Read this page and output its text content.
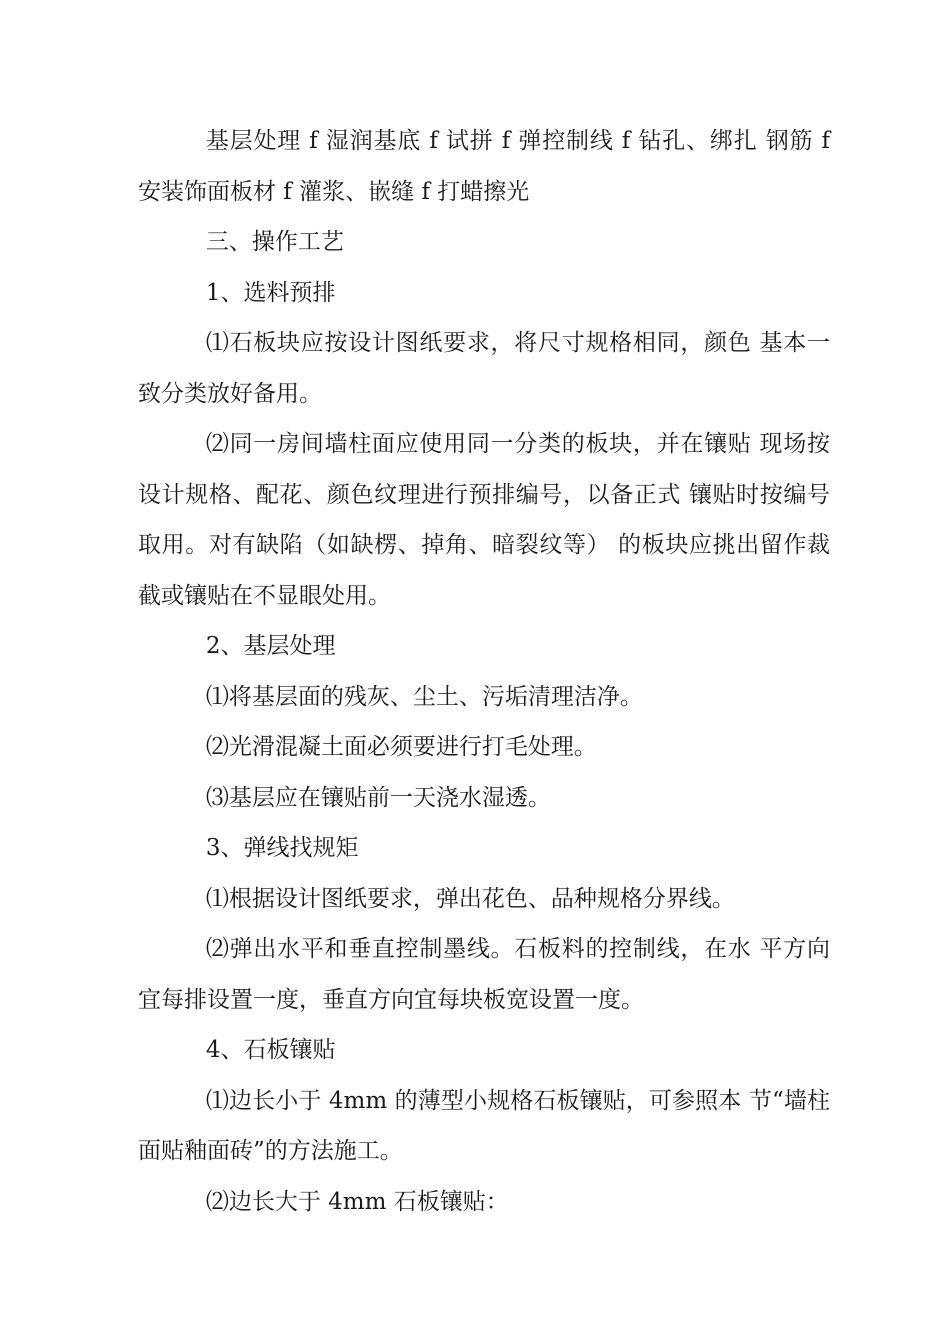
基层处理 f 湿润基底 f 试拼 f 弹控制线 f 钻孔、绑扎 钢筋 f 安装饰面板材 f 灌浆、嵌缝 f 打蜡擦光

三、操作工艺

1、选料预排

⑴石板块应按设计图纸要求，将尺寸规格相同，颜色 基本一致分类放好备用。

⑵同一房间墙柱面应使用同一分类的板块，并在镶贴 现场按设计规格、配花、颜色纹理进行预排编号，以备正式 镶贴时按编号取用。对有缺陷（如缺楞、掉角、暗裂纹等） 的板块应挑出留作裁截或镶贴在不显眼处用。

2、基层处理

⑴将基层面的残灰、尘土、污垢清理洁净。

⑵光滑混凝土面必须要进行打毛处理。

⑶基层应在镶贴前一天浇水湿透。

3、弹线找规矩

⑴根据设计图纸要求，弹出花色、品种规格分界线。

⑵弹出水平和垂直控制墨线。石板料的控制线，在水 平方向宜每排设置一度，垂直方向宜每块板宽设置一度。

4、石板镶贴

⑴边长小于 4mm 的薄型小规格石板镶贴，可参照本 节“墙柱面贴釉面砖”的方法施工。

⑵边长大于 4mm 石板镶贴：
